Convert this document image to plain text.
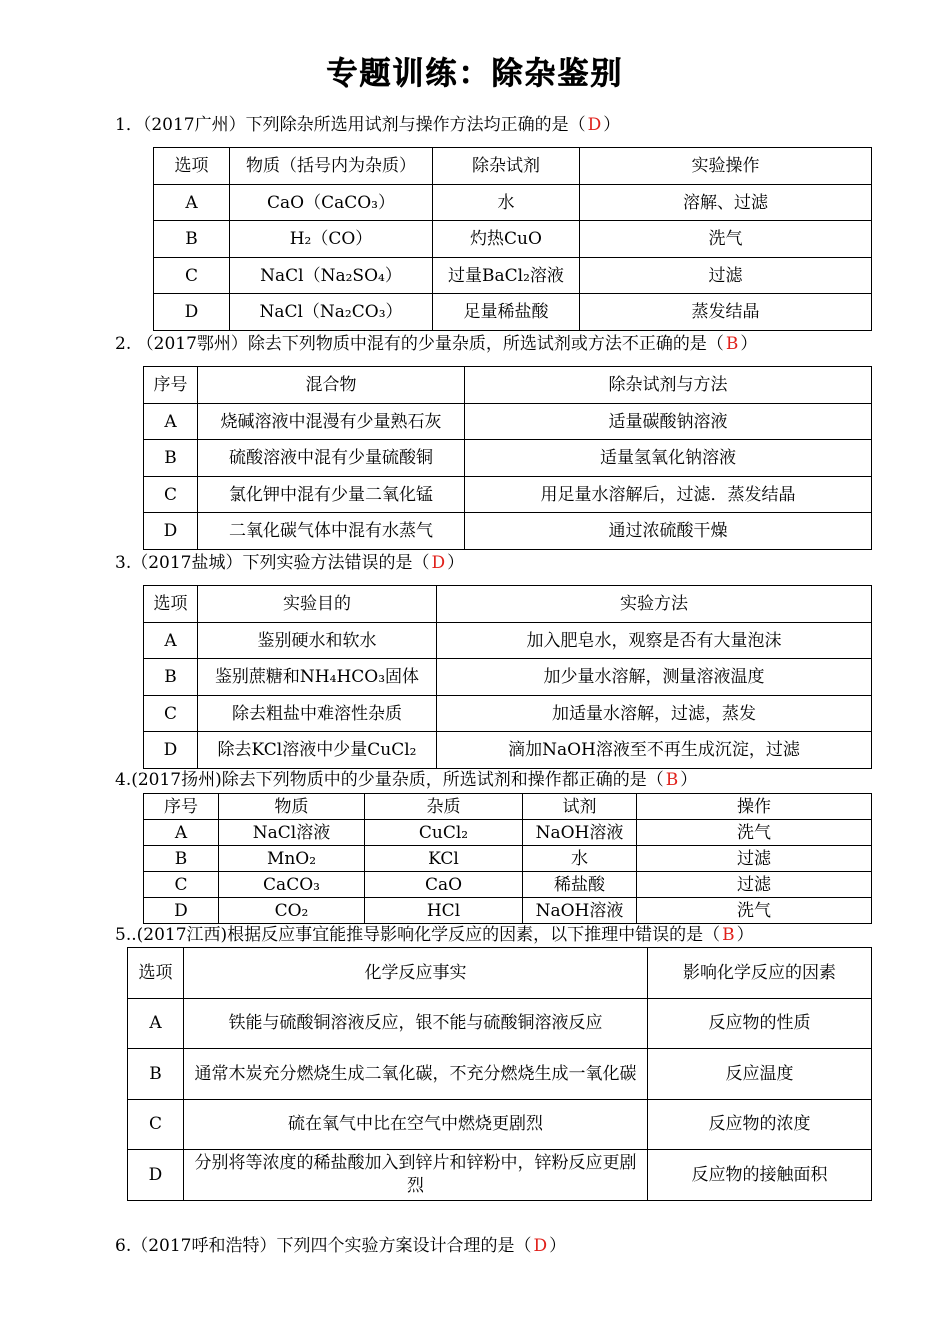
专题训练：除杂鉴别
1．（2017广州）下列除杂所选用试剂与操作方法均正确的是（ D ）
选项	物质（括号内为杂质）	除杂试剂	实验操作
A	CaO（CaCO₃）	水	溶解、过滤
B	H₂（CO）	灼热CuO	洗气
C	NaCl（Na₂SO₄）	过量BaCl₂溶液	过滤
D	NaCl（Na₂CO₃）	足量稀盐酸	蒸发结晶
2. （2017鄂州）除去下列物质中混有的少量杂质，所选试剂或方法不正确的是（ B ）
序号	混合物	除杂试剂与方法
A	烧碱溶液中混漫有少量熟石灰	适量碳酸钠溶液
B	硫酸溶液中混有少量硫酸铜	适量氢氧化钠溶液
C	氯化钾中混有少量二氧化锰	用足量水溶解后，过滤．蒸发结晶
D	二氧化碳气体中混有水蒸气	通过浓硫酸干燥
3.（2017盐城）下列实验方法错误的是（ D ）
选项	实验目的	实验方法
A	鉴别硬水和软水	加入肥皂水，观察是否有大量泡沫
B	鉴别蔗糖和NH₄HCO₃固体	加少量水溶解，测量溶液温度
C	除去粗盐中难溶性杂质	加适量水溶解，过滤，蒸发
D	除去KCl溶液中少量CuCl₂	滴加NaOH溶液至不再生成沉淀，过滤
4.(2017扬州)除去下列物质中的少量杂质，所选试剂和操作都正确的是（ B ）
序号	物质	杂质	试剂	操作
A	NaCl溶液	CuCl₂	NaOH溶液	洗气
B	MnO₂	KCl	水	过滤
C	CaCO₃	CaO	稀盐酸	过滤
D	CO₂	HCl	NaOH溶液	洗气
5..(2017江西)根据反应事宜能推导影响化学反应的因素，以下推理中错误的是（ B ）
选项	化学反应事实	影响化学反应的因素
A	铁能与硫酸铜溶液反应，银不能与硫酸铜溶液反应	反应物的性质
B	通常木炭充分燃烧生成二氧化碳，不充分燃烧生成一氧化碳	反应温度
C	硫在氧气中比在空气中燃烧更剧烈	反应物的浓度
D	分别将等浓度的稀盐酸加入到锌片和锌粉中，锌粉反应更剧烈	反应物的接触面积
6.（2017呼和浩特）下列四个实验方案设计合理的是（ D ）
